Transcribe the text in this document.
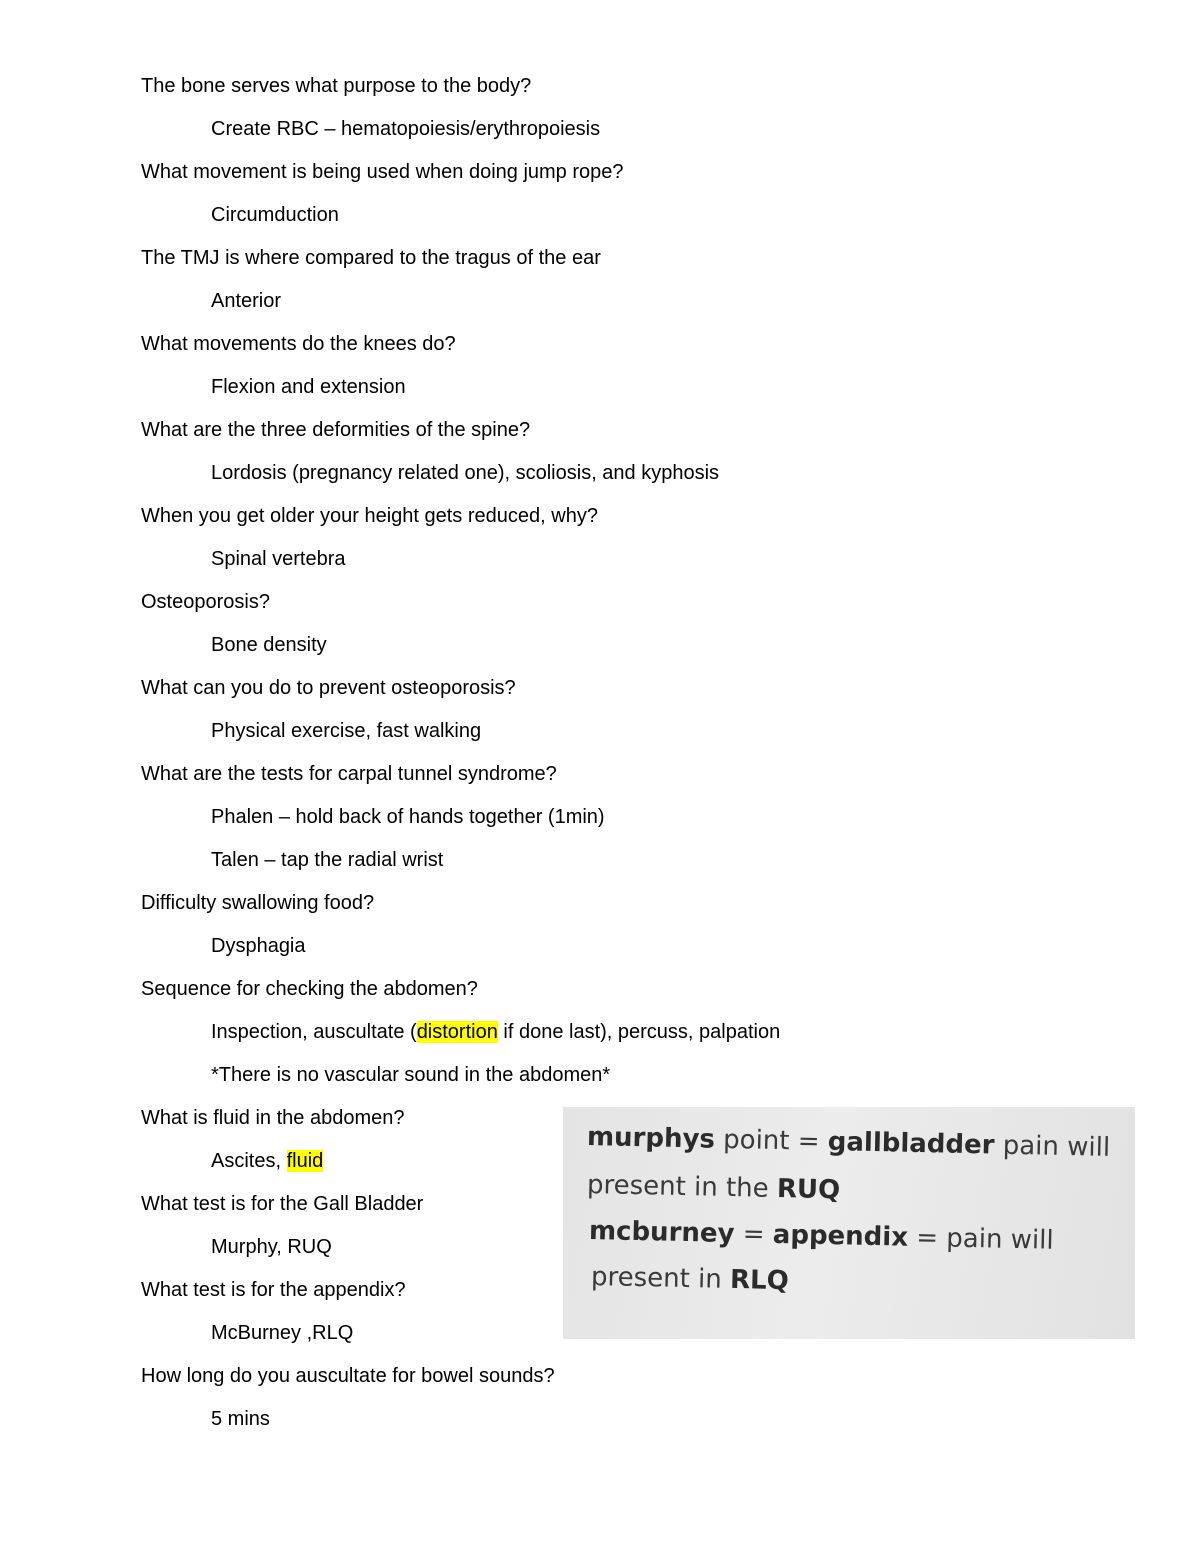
The bone serves what purpose to the body?
Create RBC – hematopoiesis/erythropoiesis
What movement is being used when doing jump rope?
Circumduction
The TMJ is where compared to the tragus of the ear
Anterior
What movements do the knees do?
Flexion and extension
What are the three deformities of the spine?
Lordosis (pregnancy related one), scoliosis, and kyphosis
When you get older your height gets reduced, why?
Spinal vertebra
Osteoporosis?
Bone density
What can you do to prevent osteoporosis?
Physical exercise, fast walking
What are the tests for carpal tunnel syndrome?
Phalen – hold back of hands together (1min)
Talen – tap the radial wrist
Difficulty swallowing food?
Dysphagia
Sequence for checking the abdomen?
Inspection, auscultate (distortion if done last), percuss, palpation
*There is no vascular sound in the abdomen*
What is fluid in the abdomen?
Ascites, fluid
What test is for the Gall Bladder
Murphy, RUQ
What test is for the appendix?
McBurney ,RLQ
How long do you auscultate for bowel sounds?
5 mins
murphys point = gallbladder pain will
present in the RUQ
mcburney = appendix = pain will
present in RLQ
